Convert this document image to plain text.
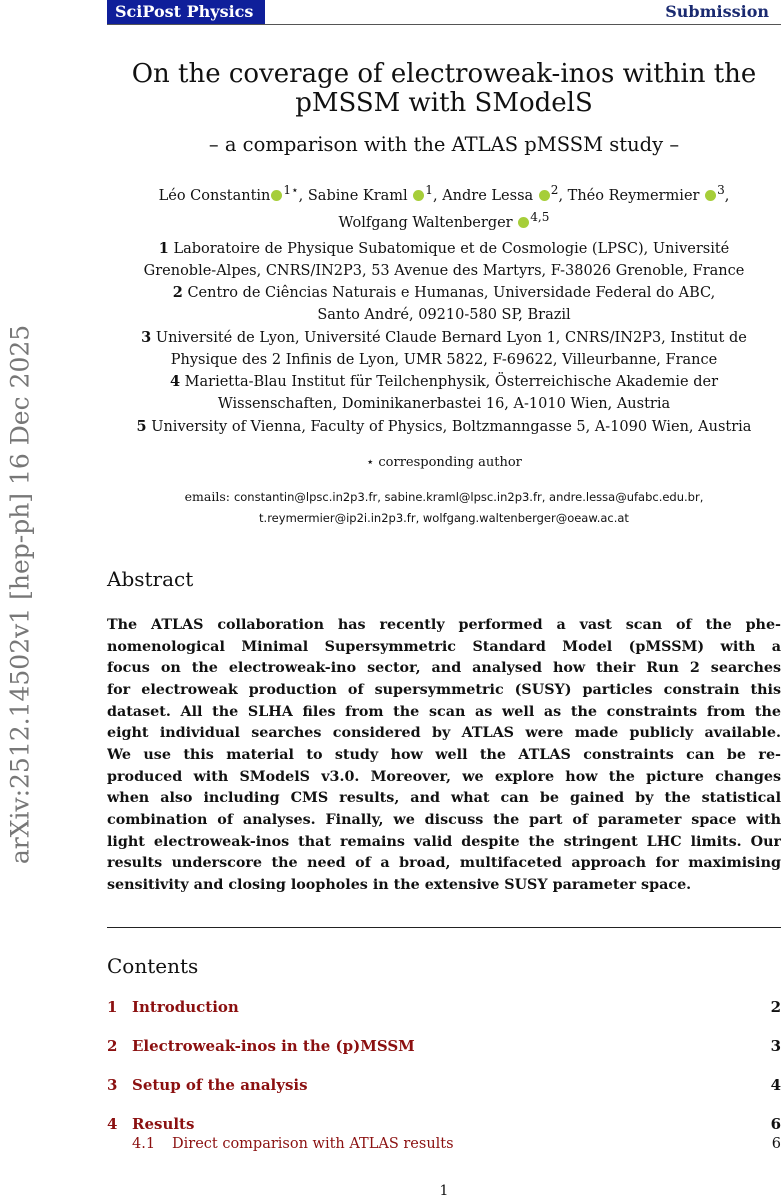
SciPost Physics	Submission
arXiv:2512.14502v1 [hep-ph] 16 Dec 2025
On the coverage of electroweak-inos within the
pMSSM with SModelS
– a comparison with the ATLAS pMSSM study –
Léo Constantin $^{1⋆}$, Sabine Kraml $^1$, Andre Lessa $^2$, Théo Reymermier $^3$,
Wolfgang Waltenberger $^{4,5}$
1 Laboratoire de Physique Subatomique et de Cosmologie (LPSC), Université
Grenoble-Alpes, CNRS/IN2P3, 53 Avenue des Martyrs, F-38026 Grenoble, France
2 Centro de Ciências Naturais e Humanas, Universidade Federal do ABC,
Santo André, 09210-580 SP, Brazil
3 Université de Lyon, Université Claude Bernard Lyon 1, CNRS/IN2P3, Institut de
Physique des 2 Infinis de Lyon, UMR 5822, F-69622, Villeurbanne, France
4 Marietta-Blau Institut für Teilchenphysik, Österreichische Akademie der
Wissenschaften, Dominikanerbastei 16, A-1010 Wien, Austria
5 University of Vienna, Faculty of Physics, Boltzmanngasse 5, A-1090 Wien, Austria
⋆ corresponding author
emails: constantin@lpsc.in2p3.fr, sabine.kraml@lpsc.in2p3.fr, andre.lessa@ufabc.edu.br,
t.reymermier@ip2i.in2p3.fr, wolfgang.waltenberger@oeaw.ac.at
Abstract
The ATLAS collaboration has recently performed a vast scan of the phe-
nomenological Minimal Supersymmetric Standard Model (pMSSM) with a
focus on the electroweak-ino sector, and analysed how their Run 2 searches
for electroweak production of supersymmetric (SUSY) particles constrain this
dataset. All the SLHA files from the scan as well as the constraints from the
eight individual searches considered by ATLAS were made publicly available.
We use this material to study how well the ATLAS constraints can be re-
produced with SModelS v3.0. Moreover, we explore how the picture changes
when also including CMS results, and what can be gained by the statistical
combination of analyses. Finally, we discuss the part of parameter space with
light electroweak-inos that remains valid despite the stringent LHC limits. Our
results underscore the need of a broad, multifaceted approach for maximising
sensitivity and closing loopholes in the extensive SUSY parameter space.
Contents
1 Introduction	2
2 Electroweak-inos in the (p)MSSM	3
3 Setup of the analysis	4
4 Results	6
4.1 Direct comparison with ATLAS results	6
1
